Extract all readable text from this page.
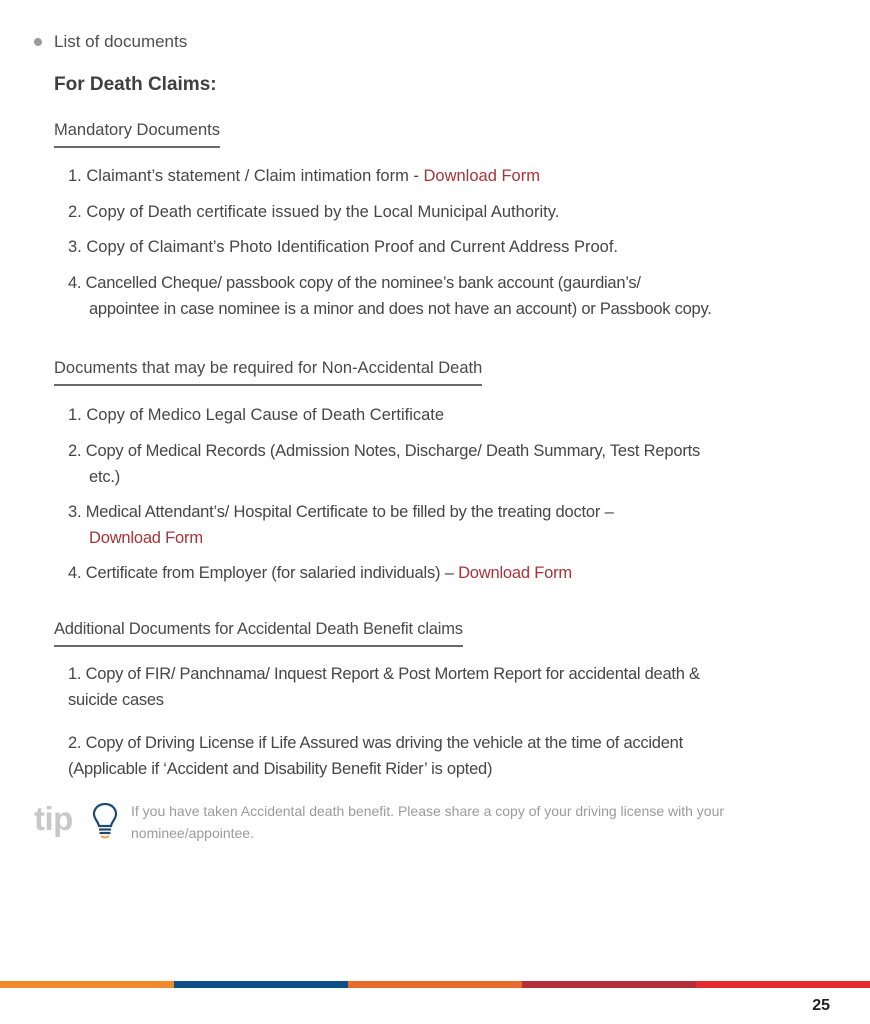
List of documents
For Death Claims:
Mandatory Documents
1. Claimant’s statement / Claim intimation form - Download Form
2. Copy of Death certificate issued by the Local Municipal Authority.
3. Copy of Claimant’s Photo Identification Proof and Current Address Proof.
4. Cancelled Cheque/ passbook copy of the nominee’s bank account (gaurdian’s/
appointee in case nominee is a minor and does not have an account) or Passbook copy.
Documents that may be required for Non-Accidental Death
1. Copy of Medico Legal Cause of Death Certificate
2. Copy of Medical Records (Admission Notes, Discharge/ Death Summary, Test Reports
etc.)
3. Medical Attendant’s/ Hospital Certificate to be filled by the treating doctor –
Download Form
4. Certificate from Employer (for salaried individuals) – Download Form
Additional Documents for Accidental Death Benefit claims
1. Copy of FIR/ Panchnama/ Inquest Report & Post Mortem Report for accidental death &
suicide cases
2. Copy of Driving License if Life Assured was driving the vehicle at the time of accident
(Applicable if ‘Accident and Disability Benefit Rider’ is opted)
tip	If you have taken Accidental death benefit. Please share a copy of your driving license with your
nominee/appointee.
25
